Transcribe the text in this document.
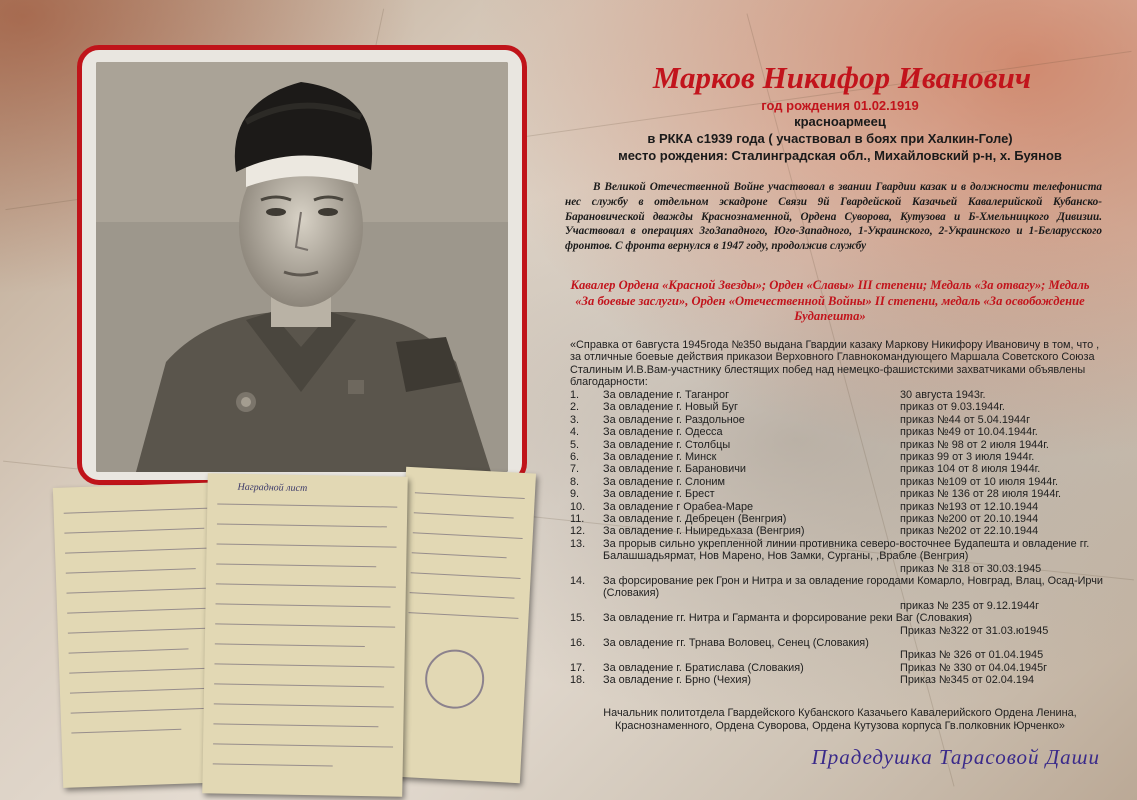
Наградной лист
Марков Никифор Иванович
год рождения 01.02.1919
красноармеец
в РККА с1939 года ( участвовал в боях при Халкин-Голе)
место рождения: Сталинградская обл., Михайловский р-н, х. Буянов
В Великой Отечественной Войне участвовал в звании Гвардии казак и в должности телефониста нес службу в отдельном эскадроне Связи 9й Гвардейской Казачьей Кавалерийской Кубанско-Барановической дважды Краснознаменной, Ордена Суворова, Кутузова и Б-Хмельницкого Дивизии. Участвовал в операциях 3гоЗападного, Юго-Западного, 1-Украинского, 2-Украинского и 1-Беларусского фронтов. С фронта вернулся в 1947 году, продолжив службу
Кавалер Ордена «Красной Звезды»; Орден «Славы» III степени; Медаль «За отвагу»; Медаль «За боевые заслуги», Орден «Отечественной Войны» II степени, медаль «За освобождение Будапешта»
«Справка от 6августа 1945года №350 выдана Гвардии казаку Маркову Никифору Ивановичу в том, что , за отличные боевые действия приказои Верховного Главнокомандующего Маршала Советского Союза Сталиным И.В.Вам-участнику блестящих побед над немецко-фашистскими захватчиками объявлены благодарности:
1. За овладение г. Таганрог	30 августа 1943г.
2. За овладение г. Новый Буг	приказ от 9.03.1944г.
3. За овладение г. Раздольное	приказ №44 от 5.04.1944г
4. За овладение г. Одесса	приказ №49 от 10.04.1944г.
5. За овладение г. Столбцы	приказ № 98 от 2 июля 1944г.
6. За овладение г. Минск	приказ 99 от 3 июля 1944г.
7. За овладение г. Барановичи	приказ 104 от 8 июля 1944г.
8. За овладение г. Слоним	приказ №109 от 10 июля 1944г.
9. За овладение г. Брест	приказ № 136 от 28 июля 1944г.
10. За овладение г Орабеа-Маре	приказ №193 от 12.10.1944
11. За овладение г. Дебрецен (Венгрия)	приказ №200 от 20.10.1944
12. За овладение г. Ныиредьхаза (Венгрия)	приказ №202 от 22.10.1944
13.	За прорыв сильно укрепленной линии противника северо-восточнее Будапешта и овладение гг. Балашшадьярмат, Нов Марено, Нов Замки, Сурганы, ,Врабле (Венгрия)
приказ № 318 от 30.03.1945
14.	За форсирование рек Грон и Нитра и за овладение городами Комарло, Новград, Влац, Осад-Ирчи (Словакия)
приказ № 235 от 9.12.1944г
15.	За овладение гг. Нитра и Гарманта и форсирование реки Ваг (Словакия)
Приказ №322 от 31.03.ю1945
16.	За овладение гг. Трнава Воловец, Сенец (Словакия)
Приказ № 326 от 01.04.1945
17. За овладение г. Братислава (Словакия)	Приказ № 330 от 04.04.1945г
18. За овладение г. Брно (Чехия)	Приказ №345 от 02.04.194
Начальник политотдела Гвардейского Кубанского Казачьего Кавалерийского Ордена Ленина, Краснознаменного, Ордена Суворова, Ордена Кутузова корпуса Гв.полковник Юрченко»
Прадедушка Тарасовой Даши
